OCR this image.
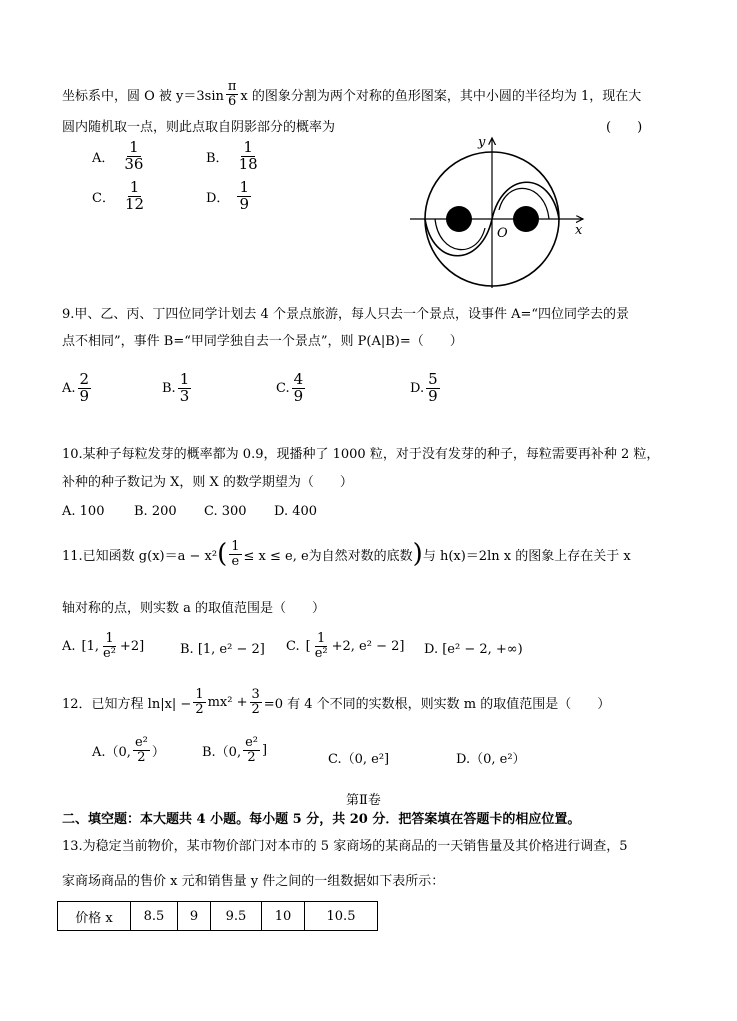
坐标系中，圆 O 被 $y=3\sin \frac{\pi}{6}$ x 的图象分割为两个对称的鱼形图案，其中小圆的半径均为 1，现在大
圆内随机取一点，则此点取自阴影部分的概率为	(　　)
A． $\frac{1}{36}$	B． $\frac{1}{18}$
C． $\frac{1}{12}$	D． $\frac{1}{9}$
y
x
O
9.甲、乙、丙、丁四位同学计划去 4 个景点旅游，每人只去一个景点，设事件 A=“四位同学去的景
点不相同”，事件 B=“甲同学独自去一个景点”，则 P(A|B)=（　　）
A. $\frac{2}{9}$	B. $\frac{1}{3}$	C. $\frac{4}{9}$	D. $\frac{5}{9}$
10.某种子每粒发芽的概率都为 0.9，现播种了 1000 粒，对于没有发芽的种子，每粒需要再补种 2 粒，
补种的种子数记为 X，则 X 的数学期望为（　　）
A. 100 B. 200 C. 300 D. 400
11.已知函数 g(x)＝a − x² ( $\frac{1}{e} \le x \le e$, e为自然对数的底数 ) 与 h(x)＝2ln x 的图象上存在关于 x
轴对称的点，则实数 a 的取值范围是（　　）
A. [1, $\frac{1}{\text{e²}} +2$]	B. [1, e² − 2] C. [ $\frac{1}{\text{e²}} +2$, e² − 2] D. [e² − 2, +∞)
12．已知方程 $\ln|x| - \frac{1}{2} mx^2 + \frac{3}{2} =0$ 有 4 个不同的实数根，则实数 m 的取值范围是（　　）
A.（0, $\frac{\text{e²}}{2}$ ）	B.（0, $\frac{\text{e²}}{2}$ ]
C.（0, e²]	D.（0, e²）
第Ⅱ卷
二、填空题：本大题共 4 小题。每小题 5 分，共 20 分．把答案填在答题卡的相应位置。
13.为稳定当前物价，某市物价部门对本市的 5 家商场的某商品的一天销售量及其价格进行调查，5
家商场商品的售价 x 元和销售量 y 件之间的一组数据如下表所示：
价格 x	8.5	9	9.5	10	10.5
